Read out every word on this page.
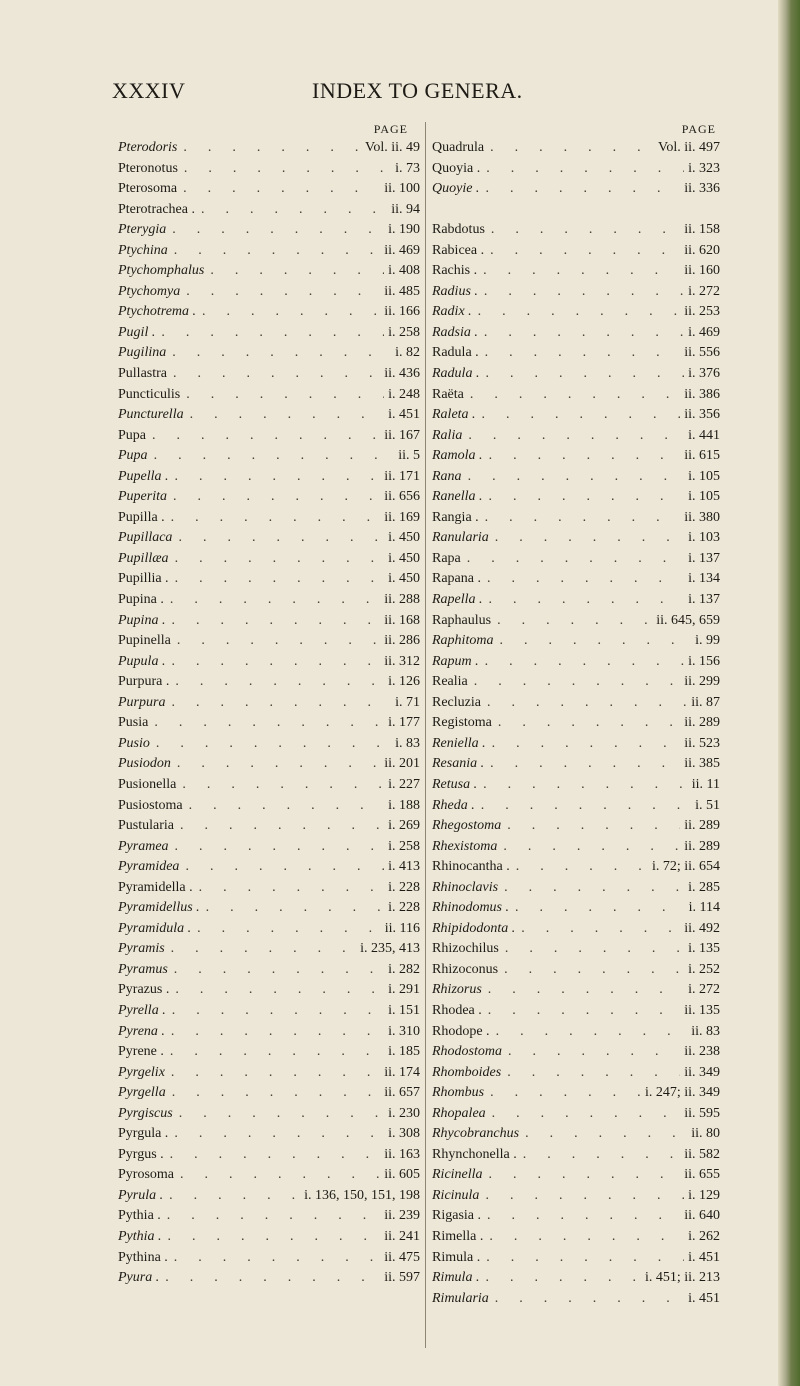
XXXIV	INDEX TO GENERA.
PAGE
Pterodoris .	Vol. ii. 49
Pteronotus .	i. 73
Pterosoma .	ii. 100
Pterotrachea . .	ii. 94
Pterygia .	i. 190
Ptychina .	ii. 469
Ptychomphalus .	i. 408
Ptychomya .	ii. 485
Ptychotrema . .	ii. 166
Pugil . .	i. 258
Pugilina .	i. 82
Pullastra .	ii. 436
Puncticulis .	i. 248
Puncturella .	i. 451
Pupa .	ii. 167
Pupa .	ii. 5
Pupella . .	ii. 171
Puperita .	ii. 656
Pupilla . .	ii. 169
Pupillaca .	i. 450
Pupillæa .	i. 450
Pupillia . .	i. 450
Pupina . .	ii. 288
Pupina . .	ii. 168
Pupinella .	ii. 286
Pupula . .	ii. 312
Purpura . .	i. 126
Purpura .	i. 71
Pusia .	i. 177
Pusio .	i. 83
Pusiodon .	ii. 201
Pusionella .	i. 227
Pusiostoma .	i. 188
Pustularia .	i. 269
Pyramea .	i. 258
Pyramidea .	i. 413
Pyramidella . .	i. 228
Pyramidellus . .	i. 228
Pyramidula . .	ii. 116
Pyramis .	i. 235, 413
Pyramus .	i. 282
Pyrazus . .	i. 291
Pyrella . .	i. 151
Pyrena . .	i. 310
Pyrene . .	i. 185
Pyrgelix .	ii. 174
Pyrgella .	ii. 657
Pyrgiscus .	i. 230
Pyrgula . .	i. 308
Pyrgus . .	ii. 163
Pyrosoma .	ii. 605
Pyrula . .	i. 136, 150, 151, 198
Pythia . .	ii. 239
Pythia . .	ii. 241
Pythina . .	ii. 475
Pyura . .	ii. 597
PAGE
Quadrula .	Vol. ii. 497
Quoyia . .	i. 323
Quoyie . .	ii. 336
Rabdotus .	ii. 158
Rabicea . .	ii. 620
Rachis . .	ii. 160
Radius . .	i. 272
Radix . .	ii. 253
Radsia . .	i. 469
Radula . .	ii. 556
Radula . .	i. 376
Raëta .	ii. 386
Raleta . .	ii. 356
Ralia .	i. 441
Ramola . .	ii. 615
Rana .	i. 105
Ranella . .	i. 105
Rangia . .	ii. 380
Ranularia .	i. 103
Rapa .	i. 137
Rapana . .	i. 134
Rapella . .	i. 137
Raphaulus .	ii. 645, 659
Raphitoma .	i. 99
Rapum . .	i. 156
Realia .	ii. 299
Recluzia .	ii. 87
Registoma .	ii. 289
Reniella . .	ii. 523
Resania . .	ii. 385
Retusa . .	ii. 11
Rheda . .	i. 51
Rhegostoma .	ii. 289
Rhexistoma .	ii. 289
Rhinocantha . .	i. 72; ii. 654
Rhinoclavis .	i. 285
Rhinodomus . .	i. 114
Rhipidodonta . .	ii. 492
Rhizochilus .	i. 135
Rhizoconus .	i. 252
Rhizorus .	i. 272
Rhodea . .	ii. 135
Rhodope . .	ii. 83
Rhodostoma .	ii. 238
Rhomboides .	ii. 349
Rhombus .	i. 247; ii. 349
Rhopalea .	ii. 595
Rhycobranchus .	ii. 80
Rhynchonella . .	ii. 582
Ricinella .	ii. 655
Ricinula .	i. 129
Rigasia . .	ii. 640
Rimella . .	i. 262
Rimula . .	i. 451
Rimula . .	i. 451; ii. 213
Rimularia .	i. 451
